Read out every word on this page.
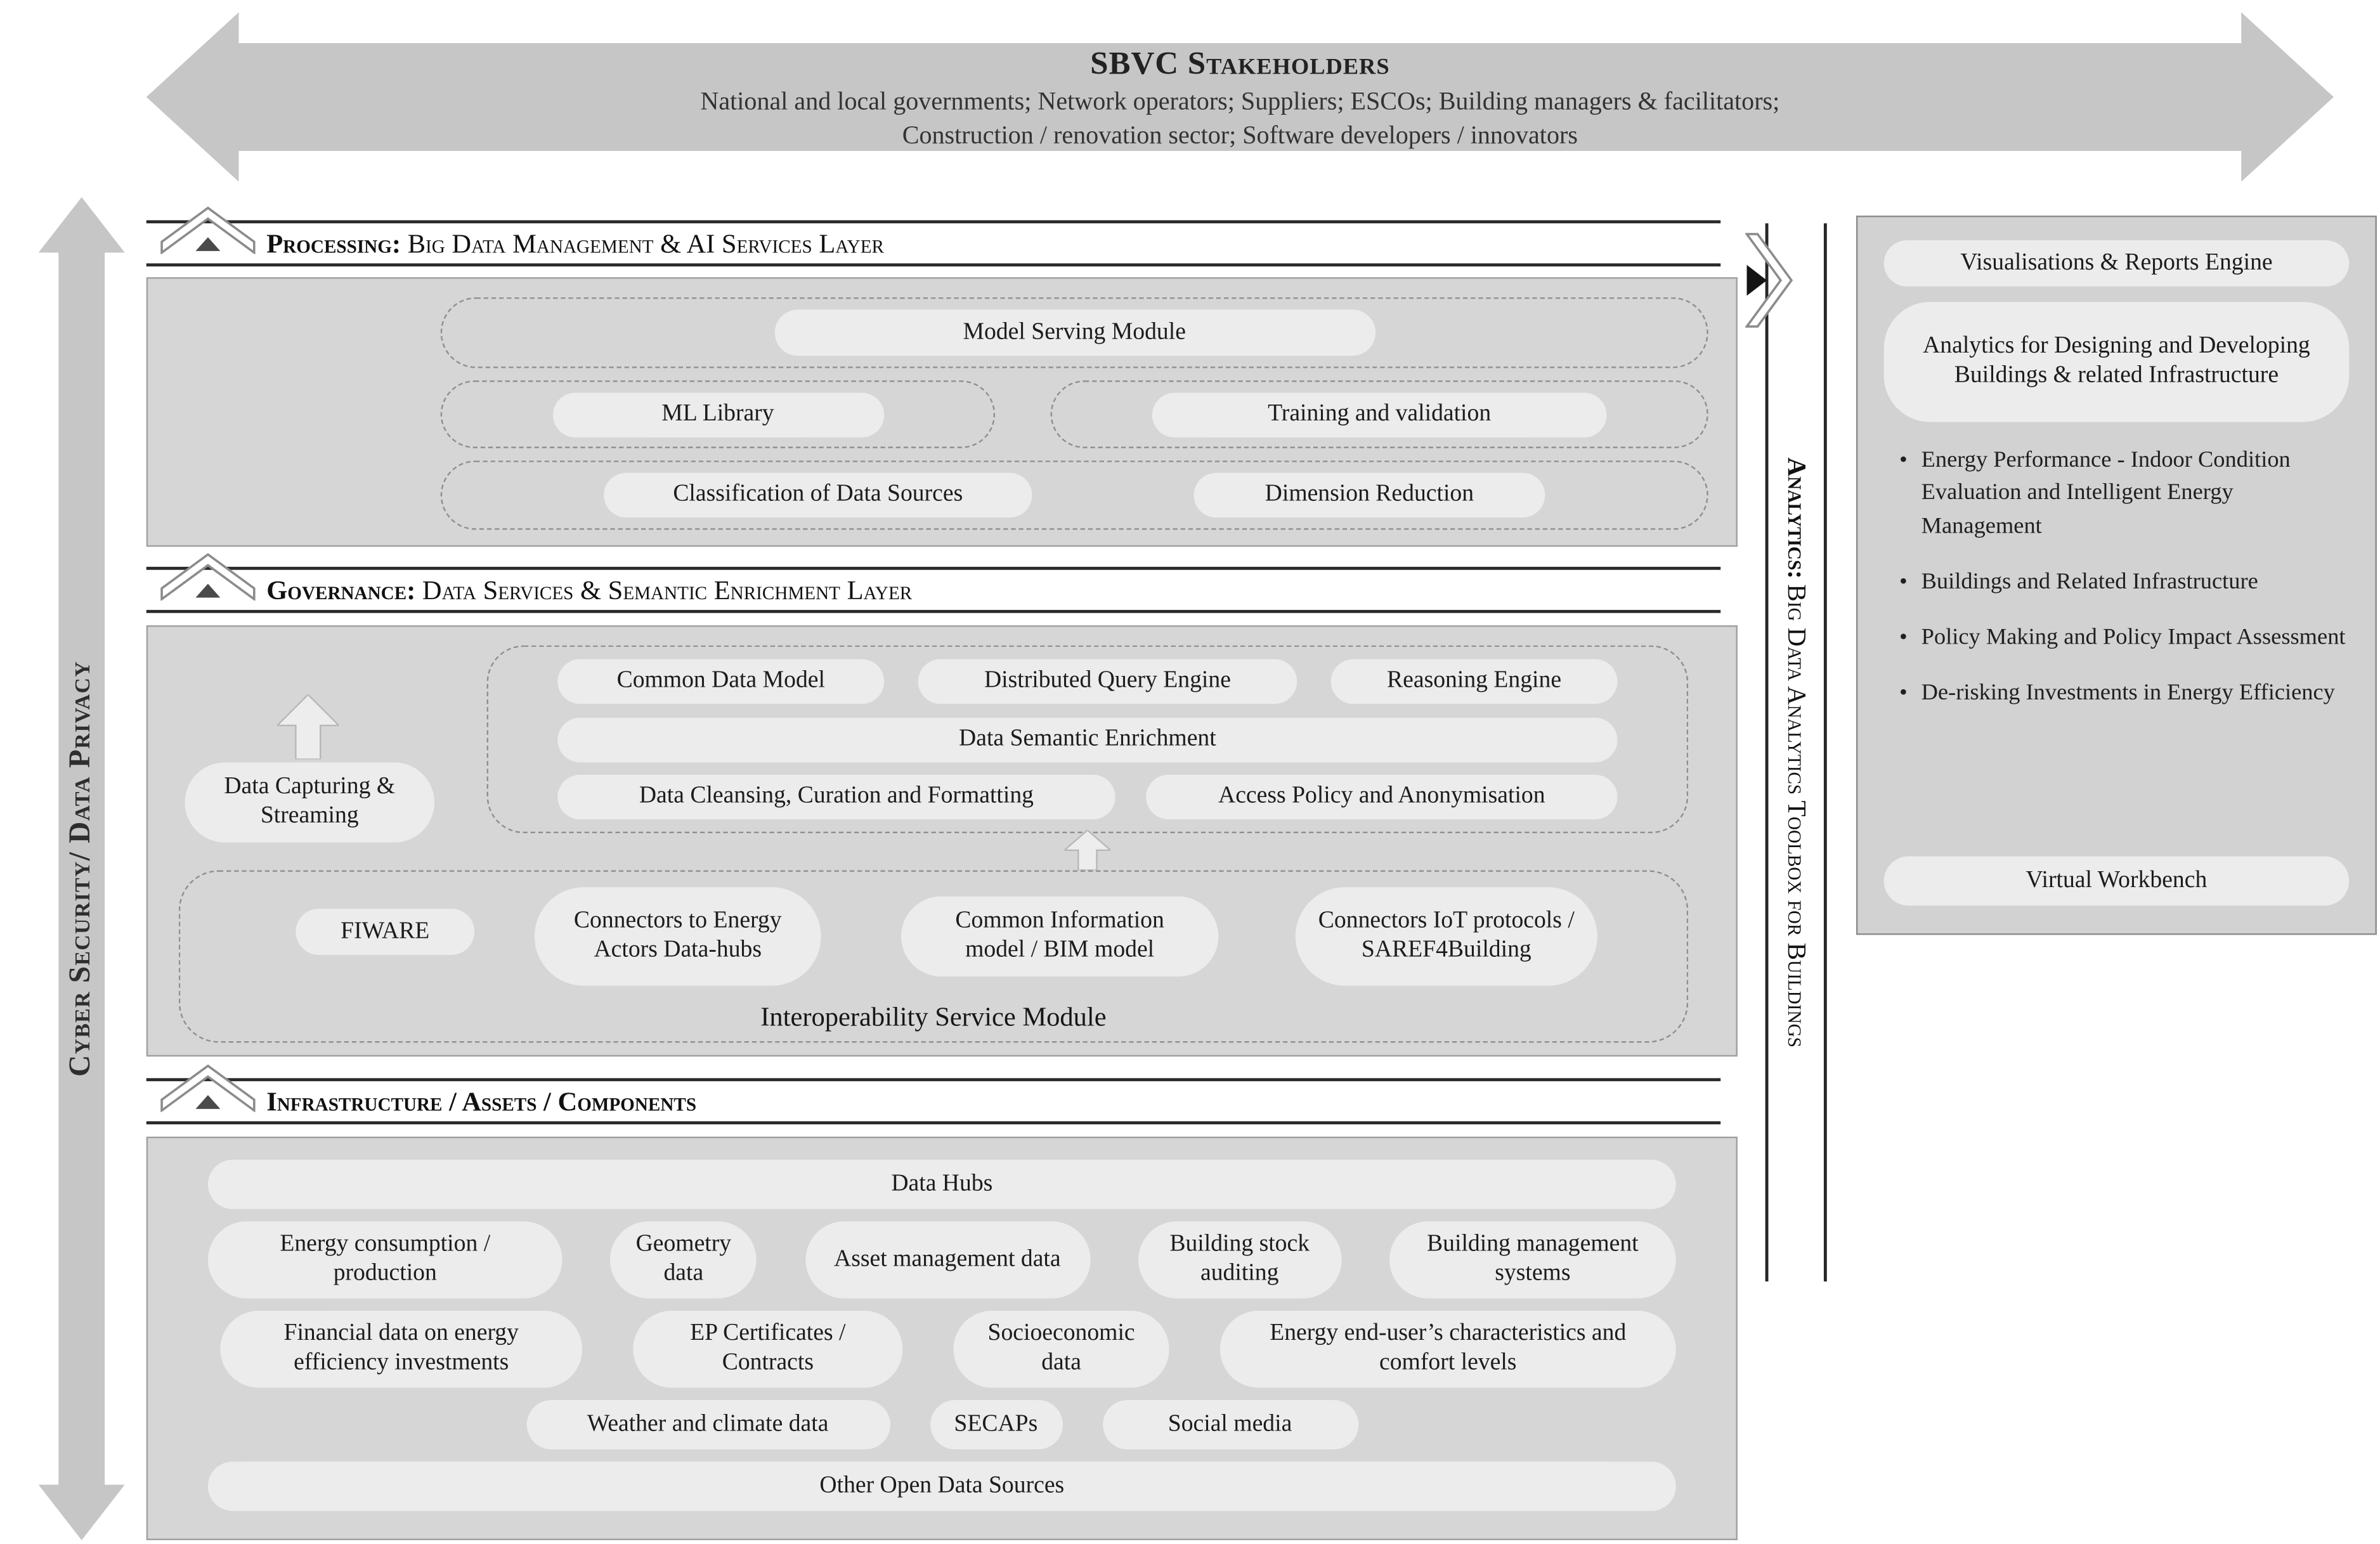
SBVC Stakeholders
National and local governments; Network operators; Suppliers; ESCOs; Building managers & facilitators;
Construction / renovation sector; Software developers / innovators
Cyber Security/ Data Privacy
Processing: Big Data Management & AI Services Layer
Model Serving Module
ML Library	Training and validation
Classification of Data Sources	Dimension Reduction
Governance: Data Services & Semantic Enrichment Layer
Common Data Model	Distributed Query Engine	Reasoning Engine
Data Semantic Enrichment
Data Cleansing, Curation and Formatting	Access Policy and Anonymisation
Data Capturing & Streaming
FIWARE	Connectors to Energy Actors Data-hubs
Common Information model / BIM model
Connectors IoT protocols / SAREF4Building
Interoperability Service Module
Infrastructure / Assets / Components
Data Hubs
Energy consumption / production
Geometry data
Asset management data
Building stock auditing
Building management systems
Financial data on energy efficiency investments
EP Certificates / Contracts
Socioeconomic data
Energy end-user’s characteristics and comfort levels
Weather and climate data	SECAPs	Social media
Other Open Data Sources
Analytics:
Big Data Analytics Toolbox for Buildings
Visualisations & Reports Engine
Analytics for Designing and Developing Buildings & related Infrastructure
• Energy Performance - Indoor Condition Evaluation and Intelligent Energy Management
• Buildings and Related Infrastructure
• Policy Making and Policy Impact Assessment
• De-risking Investments in Energy Efficiency
Virtual Workbench
